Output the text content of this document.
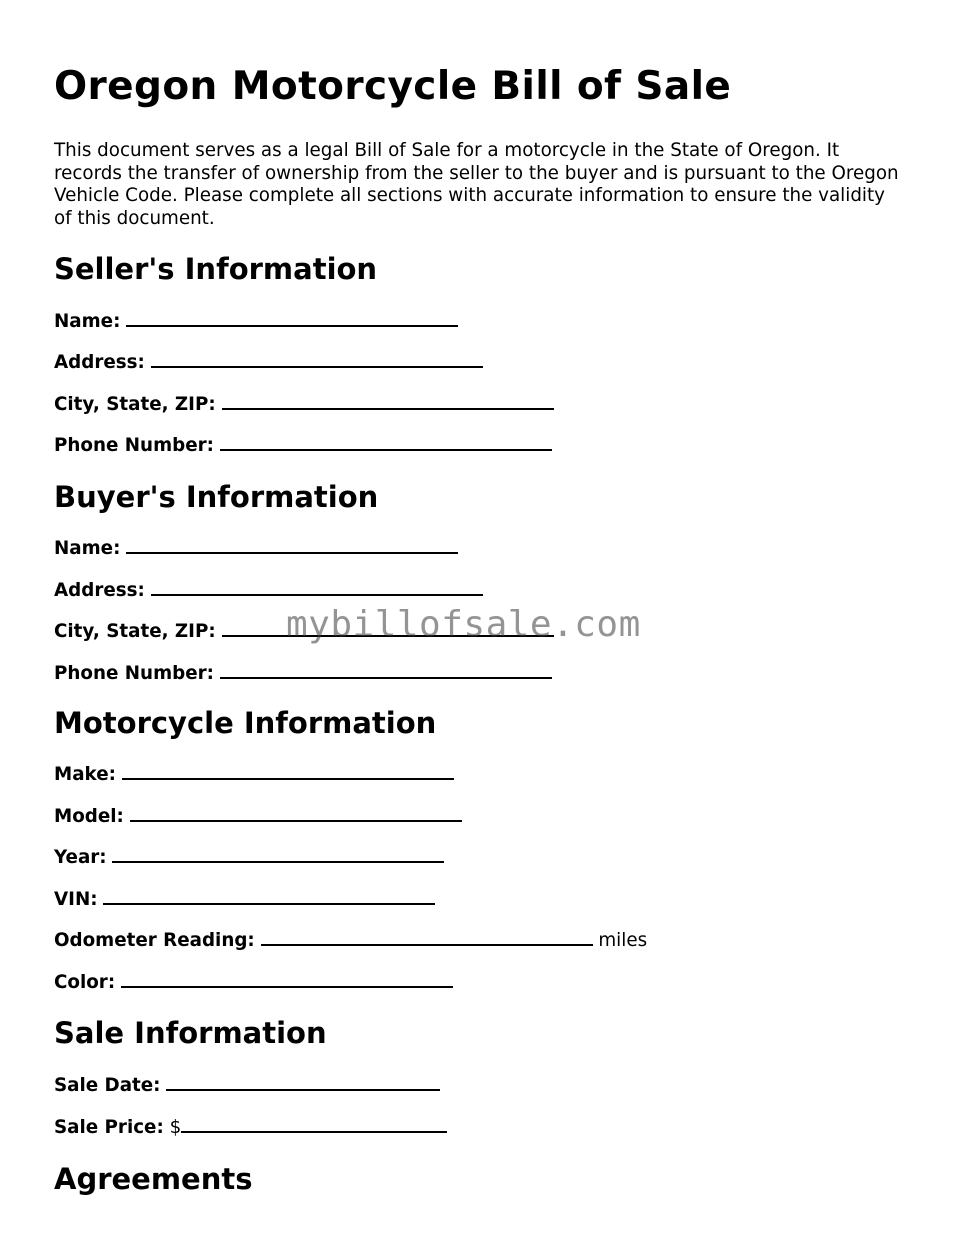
Oregon Motorcycle Bill of Sale

This document serves as a legal Bill of Sale for a motorcycle in the State of Oregon. It records the transfer of ownership from the seller to the buyer and is pursuant to the Oregon Vehicle Code. Please complete all sections with accurate information to ensure the validity of this document.

Seller's Information
Name:
Address:
City, State, ZIP:
Phone Number:
Buyer's Information
Name:
Address:
City, State, ZIP:
Phone Number:
Motorcycle Information
Make:
Model:
Year:
VIN:
Odometer Reading:	miles
Color:
Sale Information
Sale Date:
Sale Price: $
Agreements
mybillofsale.com
